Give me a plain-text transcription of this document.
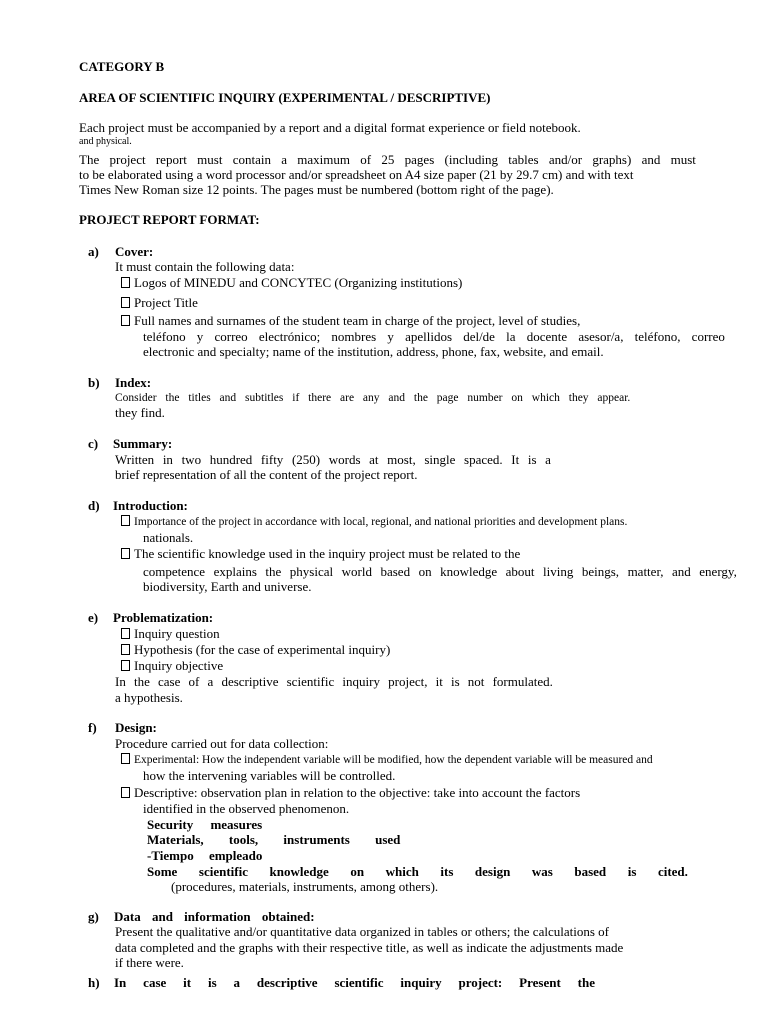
CATEGORY B
AREA OF SCIENTIFIC INQUIRY (EXPERIMENTAL / DESCRIPTIVE)
Each project must be accompanied by a report and a digital format experience or field notebook.
and physical.
The project report must contain a maximum of 25 pages (including tables and/or graphs) and must
to be elaborated using a word processor and/or spreadsheet on A4 size paper (21 by 29.7 cm) and with text
Times New Roman size 12 points. The pages must be numbered (bottom right of the page).
PROJECT REPORT FORMAT:
a) Cover:
It must contain the following data:
Logos of MINEDU and CONCYTEC (Organizing institutions)
Project Title
Full names and surnames of the student team in charge of the project, level of studies,
teléfono y correo electrónico; nombres y apellidos del/de la docente asesor/a, teléfono, correo
electronic and specialty; name of the institution, address, phone, fax, website, and email.
b) Index:
Consider the titles and subtitles if there are any and the page number on which they appear.
they find.
c) Summary:
Written in two hundred fifty (250) words at most, single spaced. It is a
brief representation of all the content of the project report.
d) Introduction:
Importance of the project in accordance with local, regional, and national priorities and development plans.
nationals.
The scientific knowledge used in the inquiry project must be related to the
competence explains the physical world based on knowledge about living beings, matter, and energy,
biodiversity, Earth and universe.
e) Problematization:
Inquiry question
Hypothesis (for the case of experimental inquiry)
Inquiry objective
In the case of a descriptive scientific inquiry project, it is not formulated.
a hypothesis.
f) Design:
Procedure carried out for data collection:
Experimental: How the independent variable will be modified, how the dependent variable will be measured and
how the intervening variables will be controlled.
Descriptive: observation plan in relation to the objective: take into account the factors
identified in the observed phenomenon.
Security measures
Materials, tools, instruments used
-Tiempo empleado
Some scientific knowledge on which its design was based is cited.
(procedures, materials, instruments, among others).
g) Data and information obtained:
Present the qualitative and/or quantitative data organized in tables or others; the calculations of
data completed and the graphs with their respective title, as well as indicate the adjustments made
if there were.
h) In case it is a descriptive scientific inquiry project: Present the
